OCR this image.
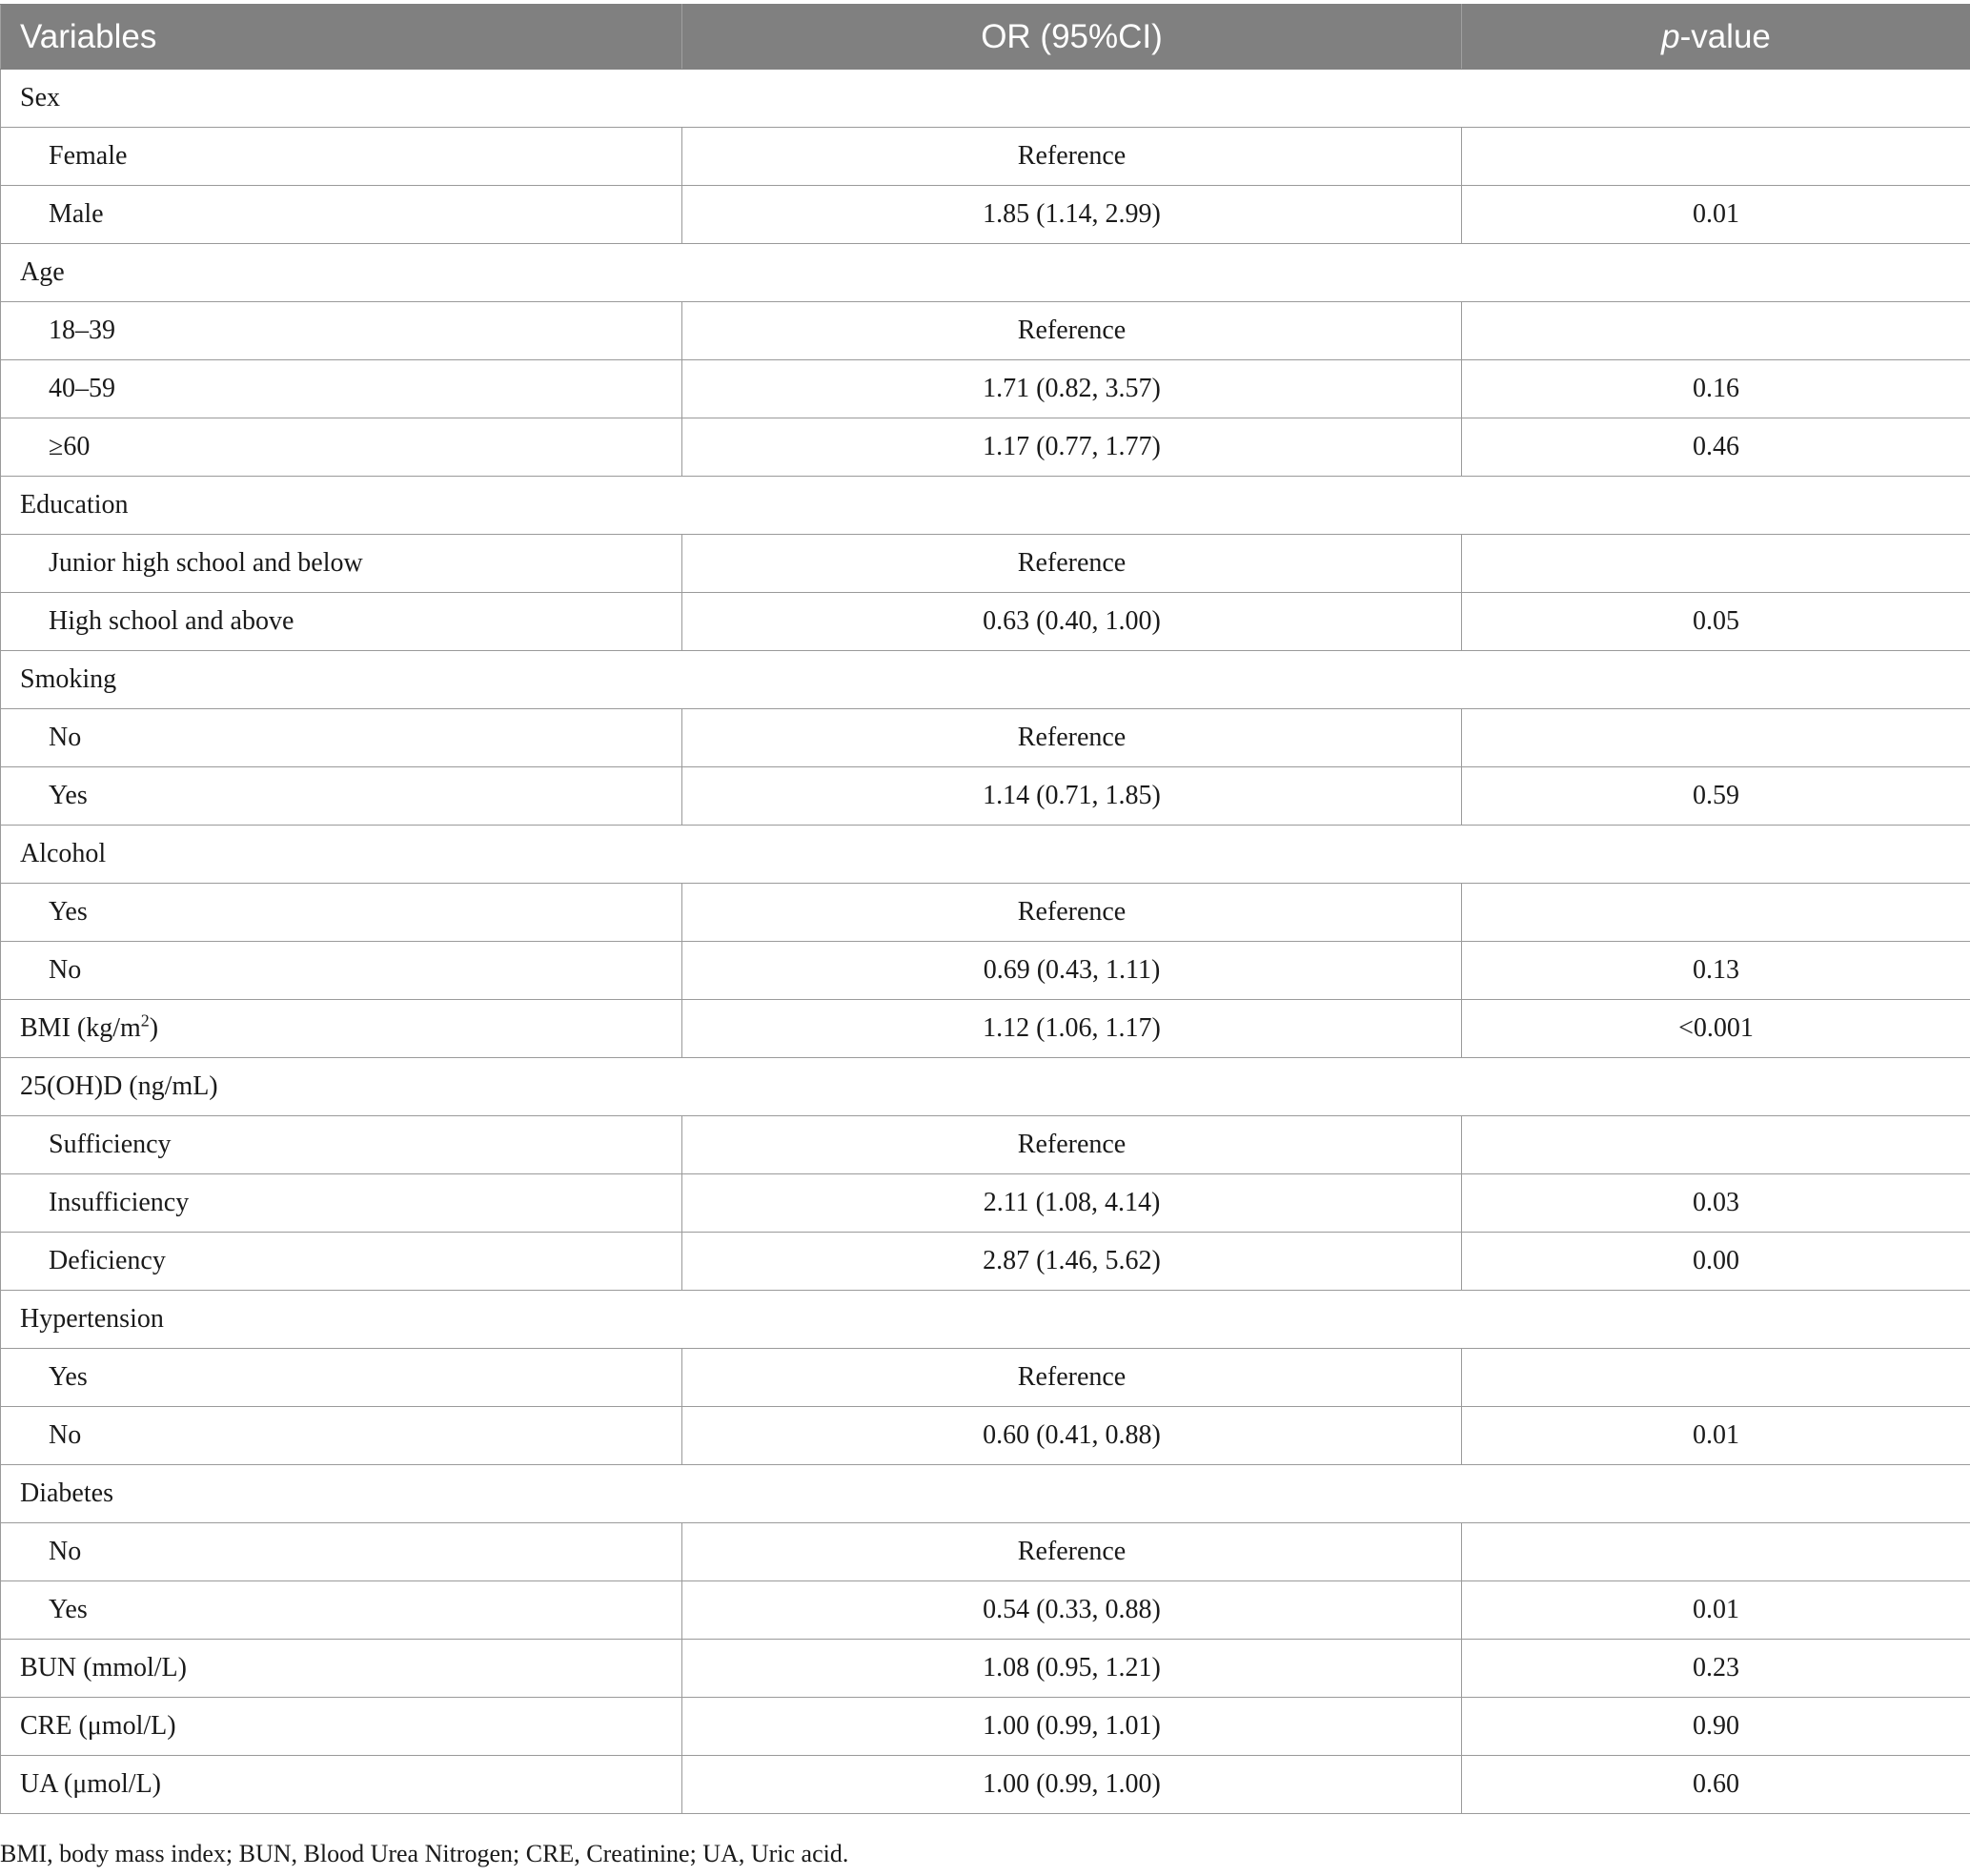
Variables	OR (95%CI)	p-value
Sex		
Female	Reference	
Male	1.85 (1.14, 2.99)	0.01
Age		
18–39	Reference	
40–59	1.71 (0.82, 3.57)	0.16
≥60	1.17 (0.77, 1.77)	0.46
Education		
Junior high school and below	Reference	
High school and above	0.63 (0.40, 1.00)	0.05
Smoking		
No	Reference	
Yes	1.14 (0.71, 1.85)	0.59
Alcohol		
Yes	Reference	
No	0.69 (0.43, 1.11)	0.13
BMI $(kg/m^2)$	1.12 (1.06, 1.17)	<0.001
25(OH)D (ng/mL)		
Sufficiency	Reference	
Insufficiency	2.11 (1.08, 4.14)	0.03
Deficiency	2.87 (1.46, 5.62)	0.00
Hypertension		
Yes	Reference	
No	0.60 (0.41, 0.88)	0.01
Diabetes		
No	Reference	
Yes	0.54 (0.33, 0.88)	0.01
BUN (mmol/L)	1.08 (0.95, 1.21)	0.23
CRE (μmol/L)	1.00 (0.99, 1.01)	0.90
UA (μmol/L)	1.00 (0.99, 1.00)	0.60
BMI, body mass index; BUN, Blood Urea Nitrogen; CRE, Creatinine; UA, Uric acid.
